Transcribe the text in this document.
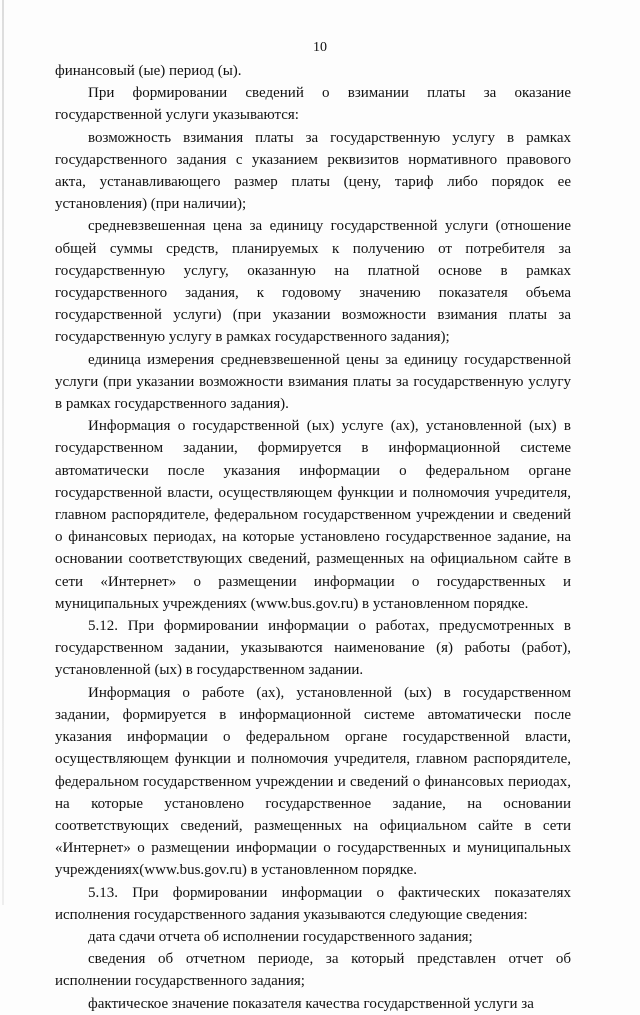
10

финансовый (ые) период (ы).

При формировании сведений о взимании платы за оказание государственной услуги указываются:

возможность взимания платы за государственную услугу в рамках государственного задания с указанием реквизитов нормативного правового акта, устанавливающего размер платы (цену, тариф либо порядок ее установления) (при наличии);

средневзвешенная цена за единицу государственной услуги (отношение общей суммы средств, планируемых к получению от потребителя за государственную услугу, оказанную на платной основе в рамках государственного задания, к годовому значению показателя объема государственной услуги) (при указании возможности взимания платы за государственную услугу в рамках государственного задания);

единица измерения средневзвешенной цены за единицу государственной услуги (при указании возможности взимания платы за государственную услугу в рамках государственного задания).

Информация о государственной (ых) услуге (ах), установленной (ых) в государственном задании, формируется в информационной системе автоматически после указания информации о федеральном органе государственной власти, осуществляющем функции и полномочия учредителя, главном распорядителе, федеральном государственном учреждении и сведений о финансовых периодах, на которые установлено государственное задание, на основании соответствующих сведений, размещенных на официальном сайте в сети «Интернет» о размещении информации о государственных и муниципальных учреждениях (www.bus.gov.ru) в установленном порядке.

5.12. При формировании информации о работах, предусмотренных в государственном задании, указываются наименование (я) работы (работ), установленной (ых) в государственном задании.

Информация о работе (ах), установленной (ых) в государственном задании, формируется в информационной системе автоматически после указания информации о федеральном органе государственной власти, осуществляющем функции и полномочия учредителя, главном распорядителе, федеральном государственном учреждении и сведений о финансовых периодах, на которые установлено государственное задание, на основании соответствующих сведений, размещенных на официальном сайте в сети «Интернет» о размещении информации о государственных и муниципальных учреждениях(www.bus.gov.ru) в установленном порядке.

5.13. При формировании информации о фактических показателях исполнения государственного задания указываются следующие сведения:

дата сдачи отчета об исполнении государственного задания;

сведения об отчетном периоде, за который представлен отчет об исполнении государственного задания;

фактическое значение показателя качества государственной услуги за
